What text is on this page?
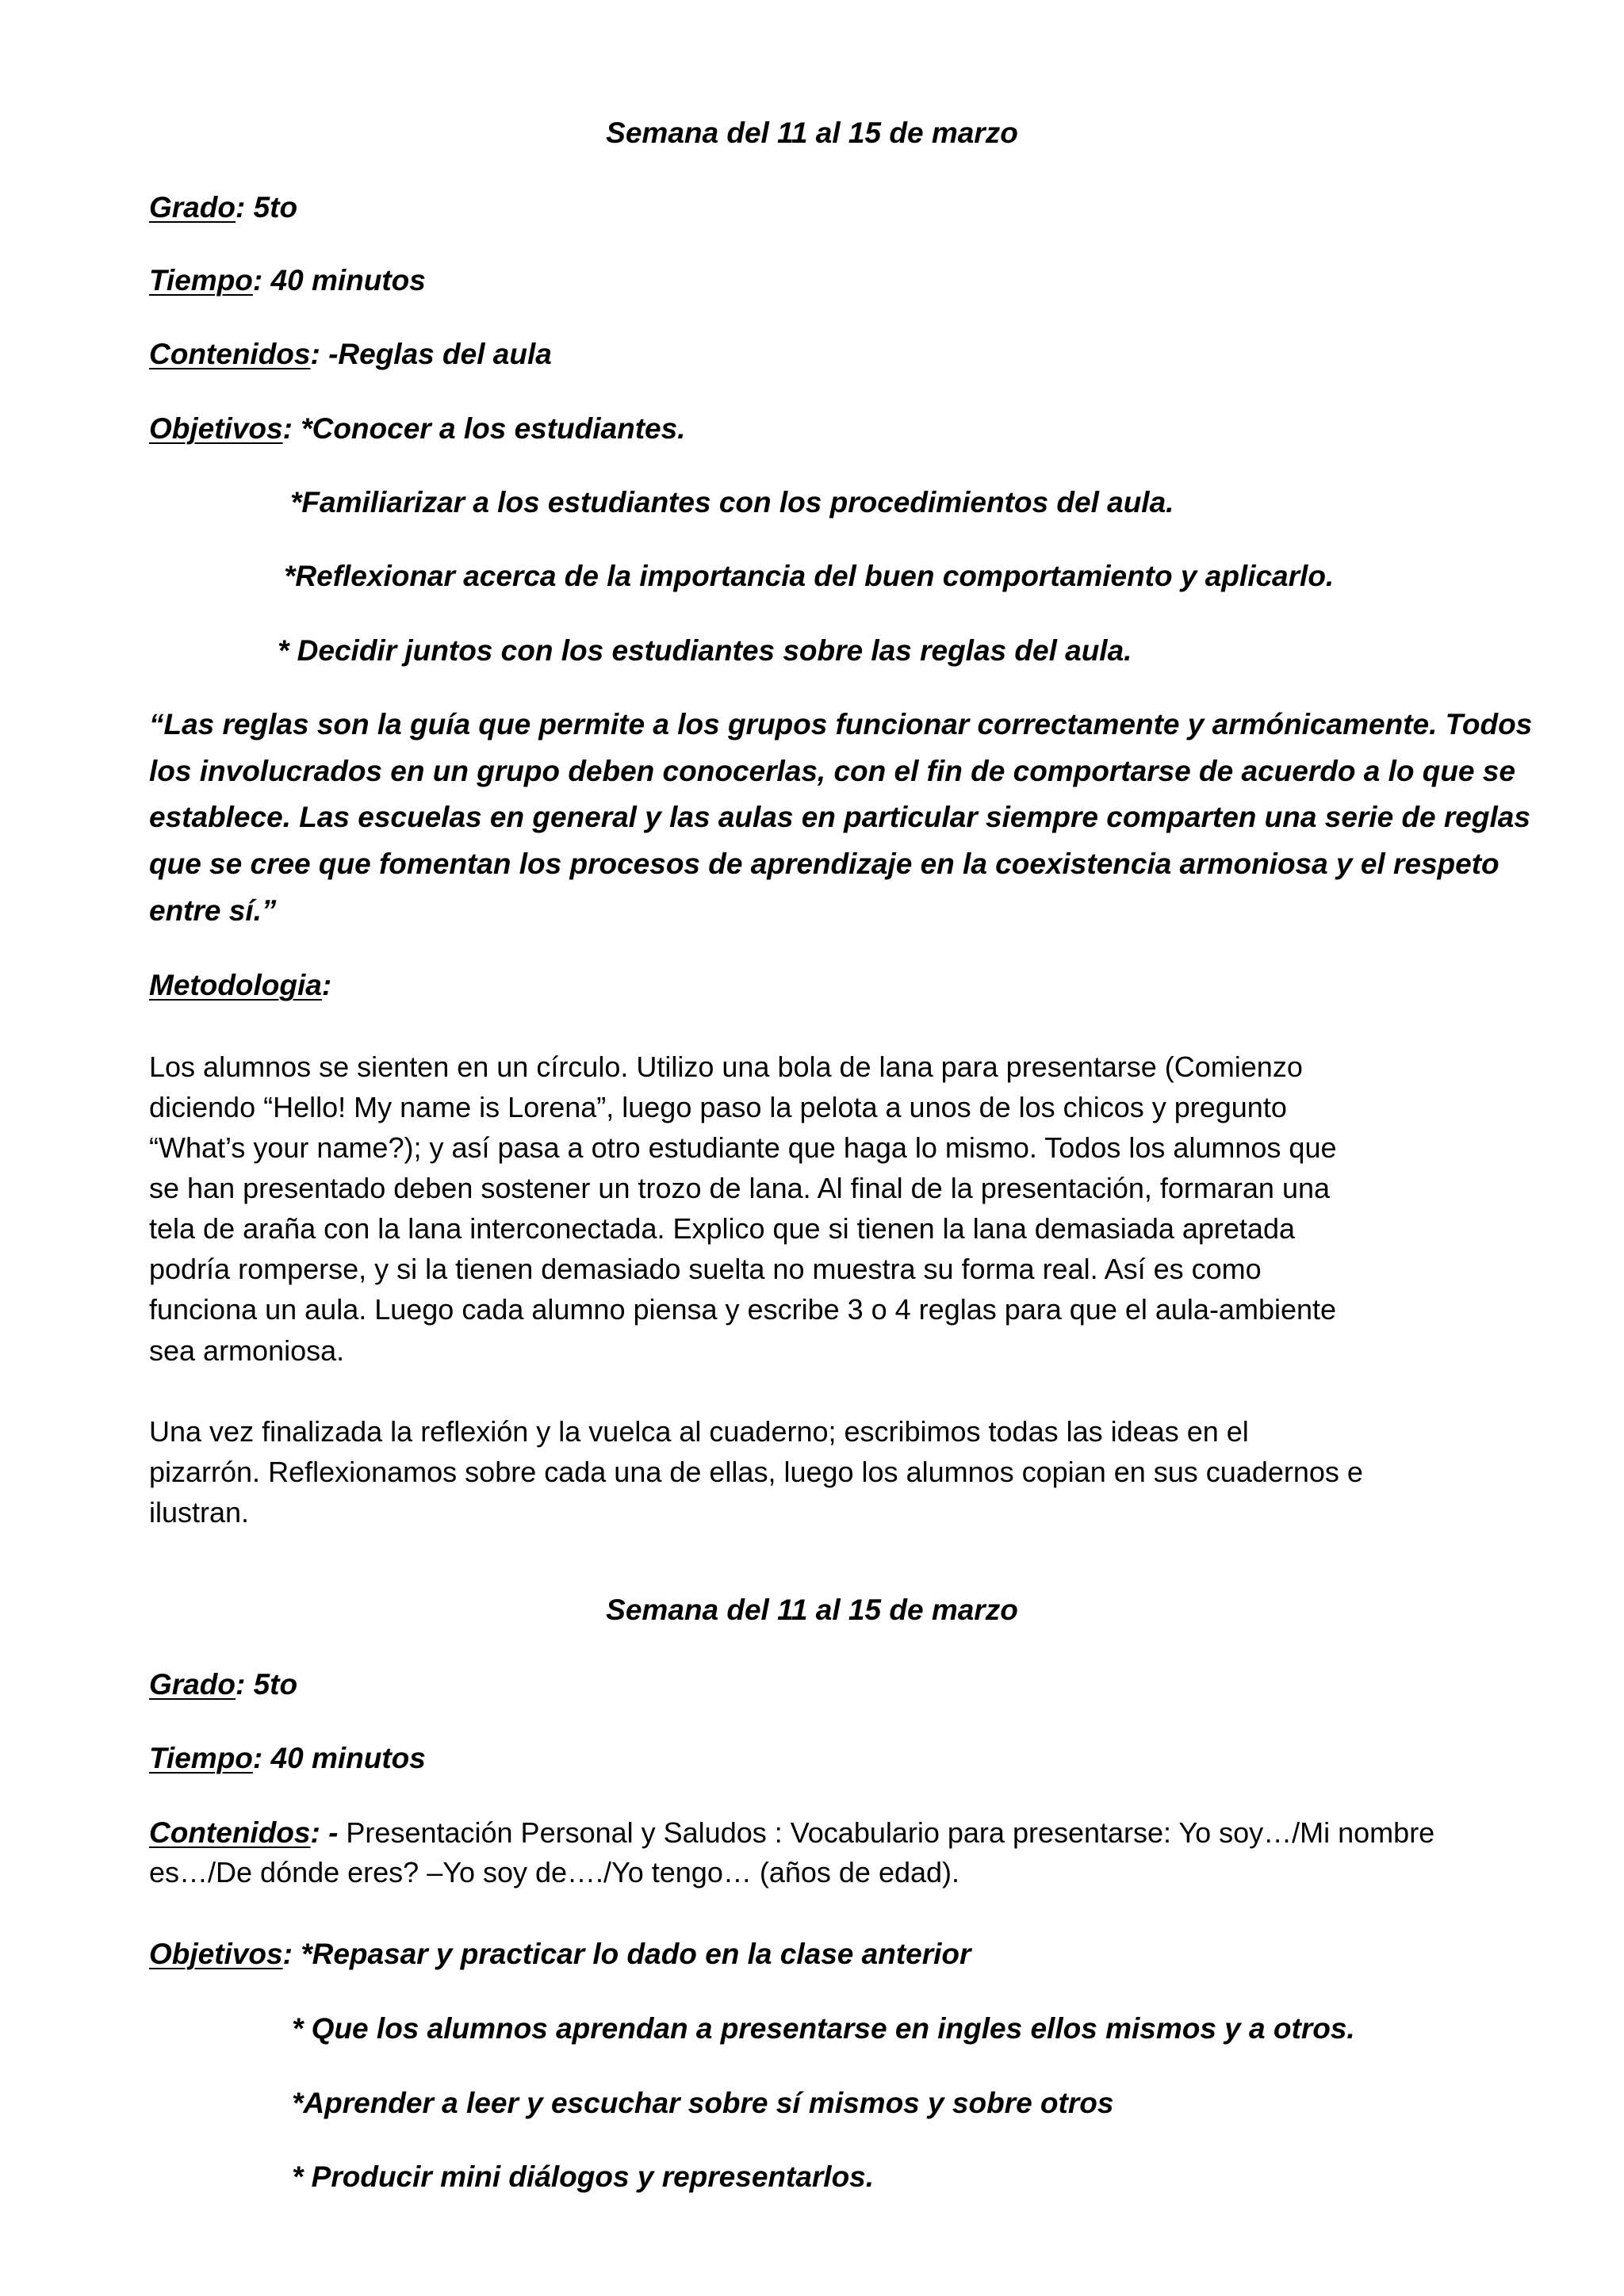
Semana del 11 al 15 de marzo
Grado: 5to
Tiempo: 40 minutos
Contenidos: -Reglas del aula
Objetivos: *Conocer a los estudiantes.
*Familiarizar a los estudiantes con los procedimientos del aula.
*Reflexionar acerca de la importancia del buen comportamiento y aplicarlo.
* Decidir juntos con los estudiantes sobre las reglas del aula.
“Las reglas son la guía que permite a los grupos funcionar correctamente y armónicamente. Todos
los involucrados en un grupo deben conocerlas, con el fin de comportarse de acuerdo a lo que se
establece. Las escuelas en general y las aulas en particular siempre comparten una serie de reglas
que se cree que fomentan los procesos de aprendizaje en la coexistencia armoniosa y el respeto
entre sí.”
Metodologia:
Los alumnos se sienten en un círculo. Utilizo una bola de lana para presentarse (Comienzo
diciendo “Hello! My name is Lorena”, luego paso la pelota a unos de los chicos y pregunto
“What’s your name?); y así pasa a otro estudiante que haga lo mismo. Todos los alumnos que
se han presentado deben sostener un trozo de lana. Al final de la presentación, formaran una
tela de araña con la lana interconectada. Explico que si tienen la lana demasiada apretada
podría romperse, y si la tienen demasiado suelta no muestra su forma real. Así es como
funciona un aula. Luego cada alumno piensa y escribe 3 o 4 reglas para que el aula-ambiente
sea armoniosa.
Una vez finalizada la reflexión y la vuelca al cuaderno; escribimos todas las ideas en el
pizarrón. Reflexionamos sobre cada una de ellas, luego los alumnos copian en sus cuadernos e
ilustran.
Semana del 11 al 15 de marzo
Grado: 5to
Tiempo: 40 minutos
Contenidos: - Presentación Personal y Saludos : Vocabulario para presentarse: Yo soy…/Mi nombre
es…/De dónde eres? –Yo soy de…./Yo tengo… (años de edad).
Objetivos: *Repasar y practicar lo dado en la clase anterior
* Que los alumnos aprendan a presentarse en ingles ellos mismos y a otros.
*Aprender a leer y escuchar sobre sí mismos y sobre otros
* Producir mini diálogos y representarlos.
